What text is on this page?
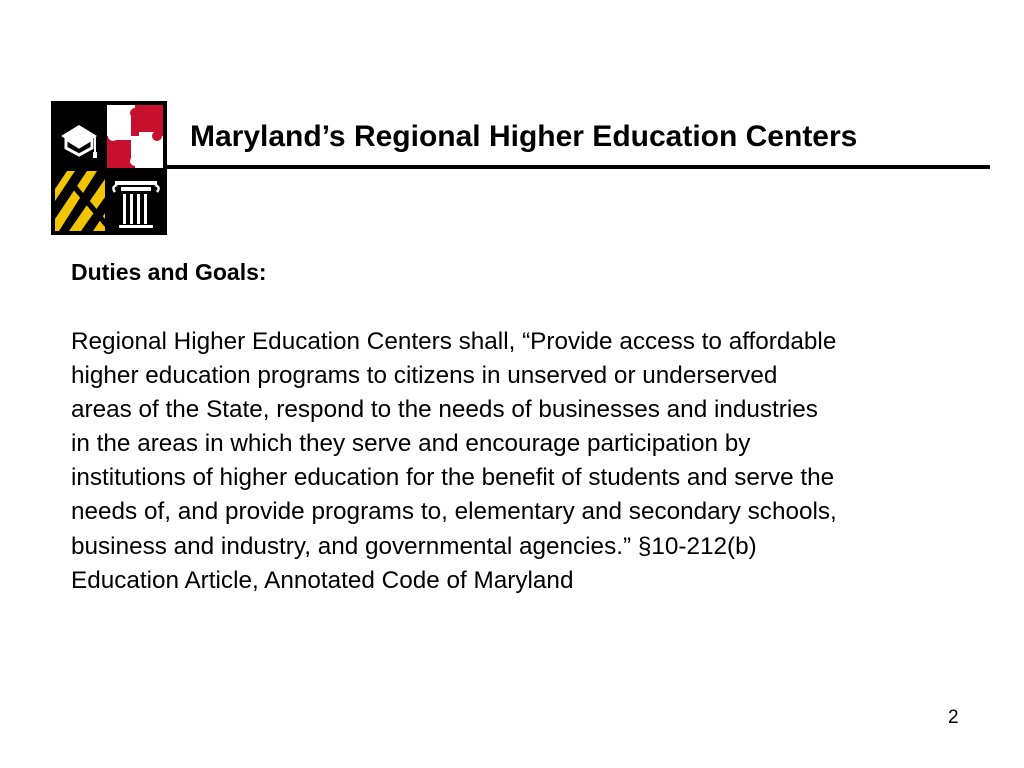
Maryland’s Regional Higher Education Centers
Duties and Goals:
Regional Higher Education Centers shall, “Provide access to affordable
higher education programs to citizens in unserved or underserved
areas of the State, respond to the needs of businesses and industries
in the areas in which they serve and encourage participation by
institutions of higher education for the benefit of students and serve the
needs of, and provide programs to, elementary and secondary schools,
business and industry, and governmental agencies.” §10-212(b)
Education Article, Annotated Code of Maryland
2
